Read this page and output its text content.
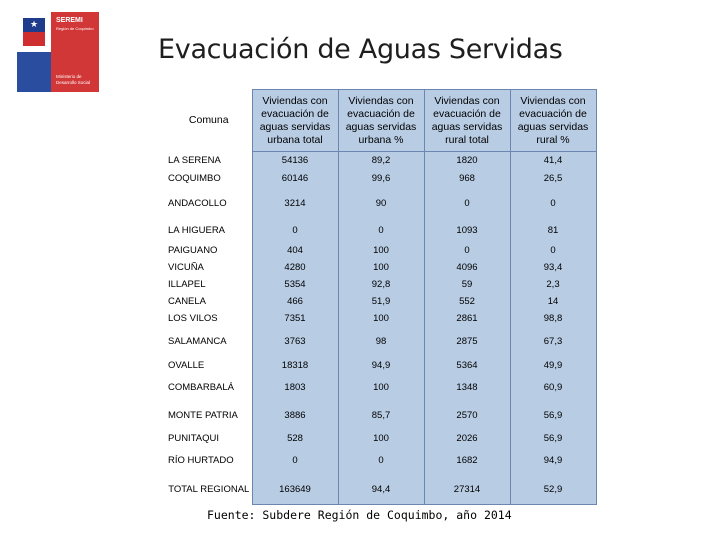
★	SEREMI
Región de Coquimbo
Ministerio de Desarrollo Social
Evacuación de Aguas Servidas
Comuna	Viviendas con evacuación de aguas servidas urbana total	Viviendas con evacuación de aguas servidas urbana %	Viviendas con evacuación de aguas servidas rural total	Viviendas con evacuación de aguas servidas rural %
LA SERENA	54136	89,2	1820	41,4
COQUIMBO	60146	99,6	968	26,5
ANDACOLLO	3214	90	0	0
LA HIGUERA	0	0	1093	81
PAIGUANO	404	100	0	0
VICUÑA	4280	100	4096	93,4
ILLAPEL	5354	92,8	59	2,3
CANELA	466	51,9	552	14
LOS VILOS	7351	100	2861	98,8
SALAMANCA	3763	98	2875	67,3
OVALLE	18318	94,9	5364	49,9
COMBARBALÁ	1803	100	1348	60,9
MONTE PATRIA	3886	85,7	2570	56,9
PUNITAQUI	528	100	2026	56,9
RÍO HURTADO	0	0	1682	94,9
TOTAL REGIONAL	163649	94,4	27314	52,9
Fuente: Subdere Región de Coquimbo, año 2014
